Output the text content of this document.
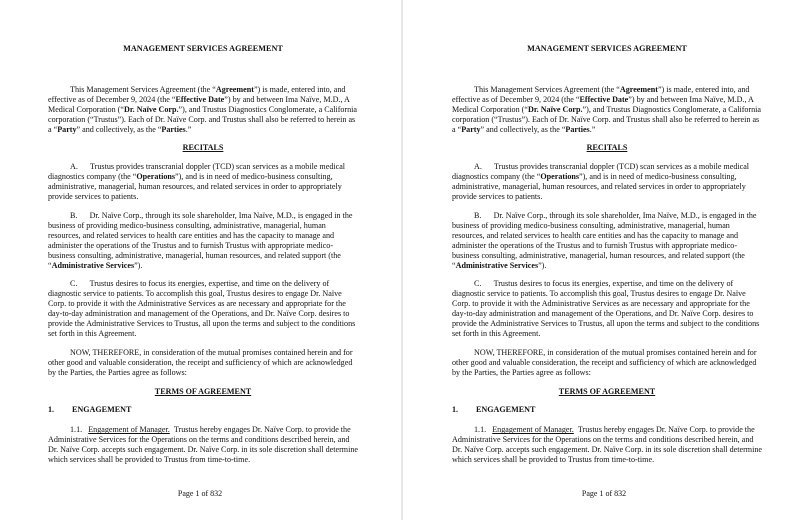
MANAGEMENT SERVICES AGREEMENT

This Management Services Agreement (the “Agreement”) is made, entered into, and effective as of December 9, 2024 (the “Effective Date”) by and between Ima Naïve, M.D., A Medical Corporation (“Dr. Naïve Corp.”), and Trustus Diagnostics Conglomerate, a California corporation (“Trustus”). Each of Dr. Naïve Corp. and Trustus shall also be referred to herein as a “Party” and collectively, as the “Parties.”

RECITALS

A. Trustus provides transcranial doppler (TCD) scan services as a mobile medical diagnostics company (the “Operations”), and is in need of medico-business consulting, administrative, managerial, human resources, and related services in order to appropriately provide services to patients.

B. Dr. Naïve Corp., through its sole shareholder, Ima Naïve, M.D., is engaged in the business of providing medico-business consulting, administrative, managerial, human resources, and related services to health care entities and has the capacity to manage and administer the operations of the Trustus and to furnish Trustus with appropriate medico-business consulting, administrative, managerial, human resources, and related support (the “Administrative Services”).

C. Trustus desires to focus its energies, expertise, and time on the delivery of diagnostic service to patients. To accomplish this goal, Trustus desires to engage Dr. Naïve Corp. to provide it with the Administrative Services as are necessary and appropriate for the day-to-day administration and management of the Operations, and Dr. Naïve Corp. desires to provide the Administrative Services to Trustus, all upon the terms and subject to the conditions set forth in this Agreement.

NOW, THEREFORE, in consideration of the mutual promises contained herein and for other good and valuable consideration, the receipt and sufficiency of which are acknowledged by the Parties, the Parties agree as follows:

TERMS OF AGREEMENT
1. ENGAGEMENT

1.1. Engagement of Manager. Trustus hereby engages Dr. Naïve Corp. to provide the Administrative Services for the Operations on the terms and conditions described herein, and Dr. Naïve Corp. accepts such engagement. Dr. Naïve Corp. in its sole discretion shall determine which services shall be provided to Trustus from time-to-time.

Page 1 of 832
MANAGEMENT SERVICES AGREEMENT

This Management Services Agreement (the “Agreement”) is made, entered into, and effective as of December 9, 2024 (the “Effective Date”) by and between Ima Naïve, M.D., A Medical Corporation (“Dr. Naïve Corp.”), and Trustus Diagnostics Conglomerate, a California corporation (“Trustus”). Each of Dr. Naïve Corp. and Trustus shall also be referred to herein as a “Party” and collectively, as the “Parties.”

RECITALS

A. Trustus provides transcranial doppler (TCD) scan services as a mobile medical diagnostics company (the “Operations”), and is in need of medico-business consulting, administrative, managerial, human resources, and related services in order to appropriately provide services to patients.

B. Dr. Naïve Corp., through its sole shareholder, Ima Naïve, M.D., is engaged in the business of providing medico-business consulting, administrative, managerial, human resources, and related services to health care entities and has the capacity to manage and administer the operations of the Trustus and to furnish Trustus with appropriate medico-business consulting, administrative, managerial, human resources, and related support (the “Administrative Services”).

C. Trustus desires to focus its energies, expertise, and time on the delivery of diagnostic service to patients. To accomplish this goal, Trustus desires to engage Dr. Naïve Corp. to provide it with the Administrative Services as are necessary and appropriate for the day-to-day administration and management of the Operations, and Dr. Naïve Corp. desires to provide the Administrative Services to Trustus, all upon the terms and subject to the conditions set forth in this Agreement.

NOW, THEREFORE, in consideration of the mutual promises contained herein and for other good and valuable consideration, the receipt and sufficiency of which are acknowledged by the Parties, the Parties agree as follows:

TERMS OF AGREEMENT
1. ENGAGEMENT

1.1. Engagement of Manager. Trustus hereby engages Dr. Naïve Corp. to provide the Administrative Services for the Operations on the terms and conditions described herein, and Dr. Naïve Corp. accepts such engagement. Dr. Naïve Corp. in its sole discretion shall determine which services shall be provided to Trustus from time-to-time.

Page 1 of 832
